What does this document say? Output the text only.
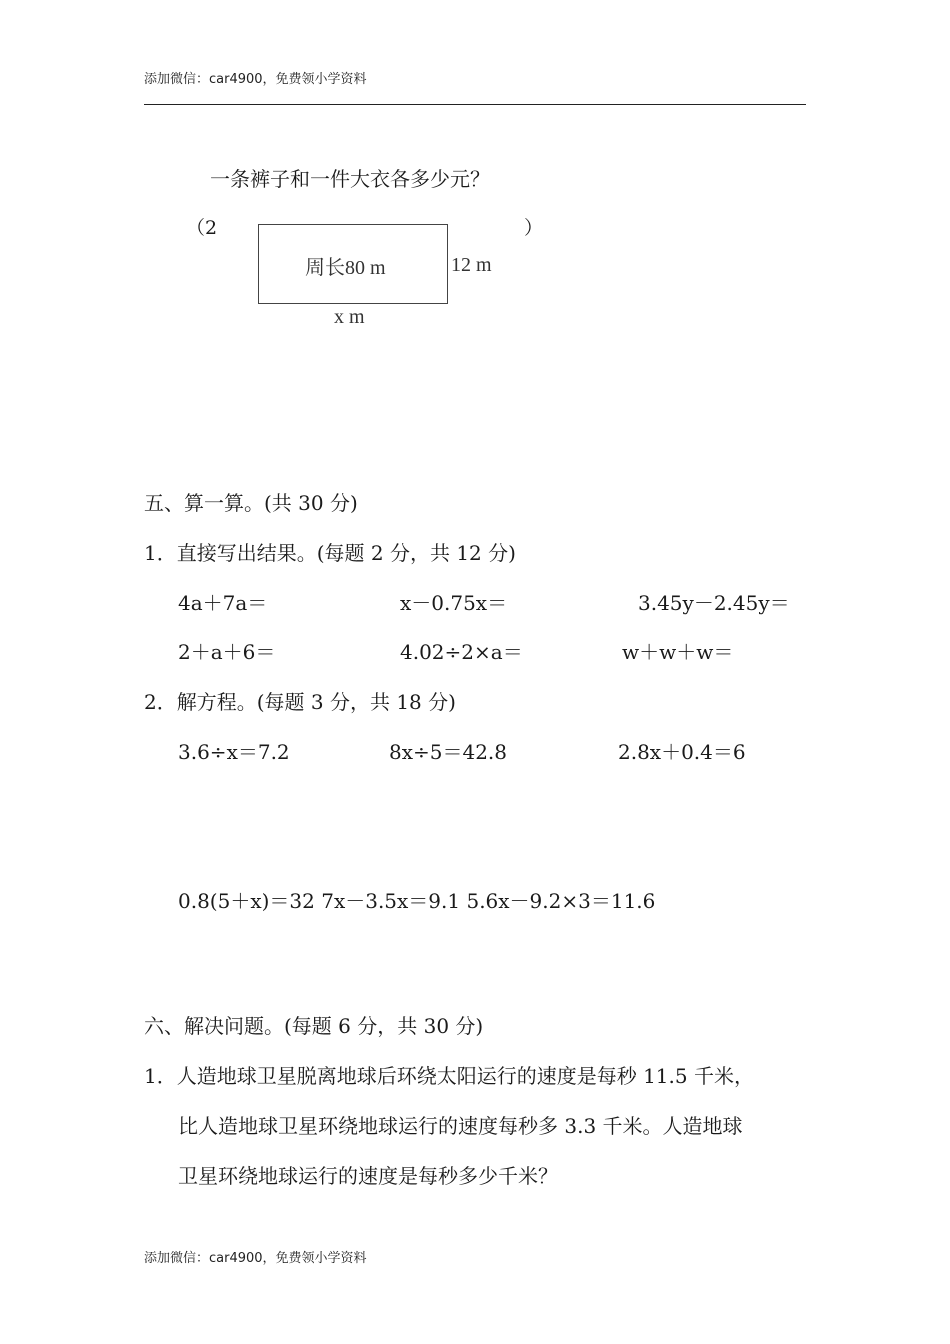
添加微信：car4900，免费领小学资料
一条裤子和一件大衣各多少元？
（2	）
周长80 m	12 m
x m
五、算一算。(共 30 分)
1．直接写出结果。(每题 2 分，共 12 分)
4a＋7a＝	x－0.75x＝	3.45y－2.45y＝
2＋a＋6＝	4.02÷2×a＝	w＋w＋w＝
2．解方程。(每题 3 分，共 18 分)
3.6÷x＝7.2	8x÷5＝42.8	2.8x＋0.4＝6
0.8(5＋x)＝32 7x－3.5x＝9.1 5.6x－9.2×3＝11.6
六、解决问题。(每题 6 分，共 30 分)
1．人造地球卫星脱离地球后环绕太阳运行的速度是每秒 11.5 千米，
比人造地球卫星环绕地球运行的速度每秒多 3.3 千米。人造地球
卫星环绕地球运行的速度是每秒多少千米？
添加微信：car4900，免费领小学资料
